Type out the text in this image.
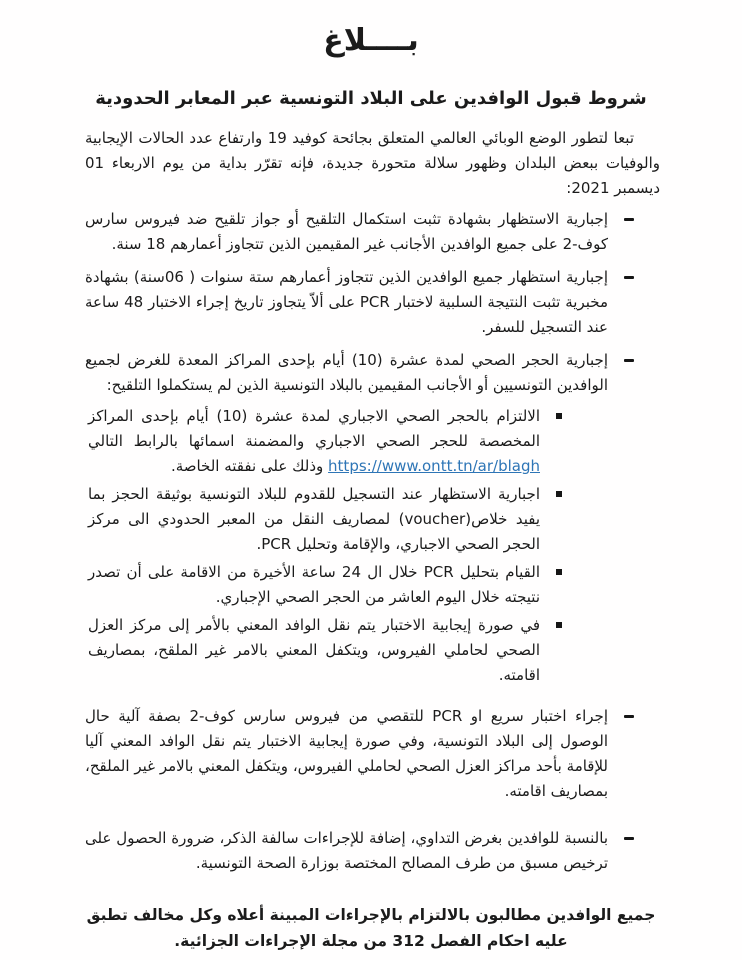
بــــلاغ
شروط قبول الوافدين على البلاد التونسية عبر المعابر الحدودية
تبعا لتطور الوضع الوبائي العالمي المتعلق بجائحة كوفيد 19 وارتفاع عدد الحالات الإيجابية والوفيات ببعض البلدان وظهور سلالة متحورة جديدة، فإنه تقرّر بداية من يوم الاربعاء 01 ديسمبر 2021:
إجبارية الاستظهار بشهادة تثبت استكمال التلقيح أو جواز تلقيح ضد فيروس سارس كوف-2 على جميع الوافدين الأجانب غير المقيمين الذين تتجاوز أعمارهم 18 سنة.
إجبارية استظهار جميع الوافدين الذين تتجاوز أعمارهم ستة سنوات ( 06سنة) بشهادة مخبرية تثبت النتيجة السلبية لاختبار PCR على ألاّ يتجاوز تاريخ إجراء الاختبار 48 ساعة عند التسجيل للسفر.
إجبارية الحجر الصحي لمدة عشرة (10) أيام بإحدى المراكز المعدة للغرض لجميع الوافدين التونسيين أو الأجانب المقيمين بالبلاد التونسية الذين لم يستكملوا التلقيح:
الالتزام بالحجر الصحي الاجباري لمدة عشرة (10) أيام بإحدى المراكز المخصصة للحجر الصحي الاجباري والمضمنة اسمائها بالرابط التالي https://www.ontt.tn/ar/blagh وذلك على نفقته الخاصة.
اجبارية الاستظهار عند التسجيل للقدوم للبلاد التونسية بوثيقة الحجز بما يفيد خلاص(voucher) لمصاريف النقل من المعبر الحدودي الى مركز الحجر الصحي الاجباري، والإقامة وتحليل PCR.
القيام بتحليل PCR خلال ال 24 ساعة الأخيرة من الاقامة على أن تصدر نتيجته خلال اليوم العاشر من الحجر الصحي الإجباري.
في صورة إيجابية الاختبار يتم نقل الوافد المعني بالأمر إلى مركز العزل الصحي لحاملي الفيروس، ويتكفل المعني بالامر غير الملقح، بمصاريف اقامته.
إجراء اختبار سريع او PCR للتقصي من فيروس سارس كوف-2 بصفة آلية حال الوصول إلى البلاد التونسية، وفي صورة إيجابية الاختبار يتم نقل الوافد المعني آليا للإقامة بأحد مراكز العزل الصحي لحاملي الفيروس، ويتكفل المعني بالامر غير الملقح، بمصاريف اقامته.
بالنسبة للوافدين بغرض التداوي، إضافة للإجراءات سالفة الذكر، ضرورة الحصول على ترخيص مسبق من طرف المصالح المختصة بوزارة الصحة التونسية.
جميع الوافدين مطالبون بالالتزام بالإجراءات المبينة أعلاه وكل مخالف تطبق عليه احكام الفصل 312 من مجلة الإجراءات الجزائية.
